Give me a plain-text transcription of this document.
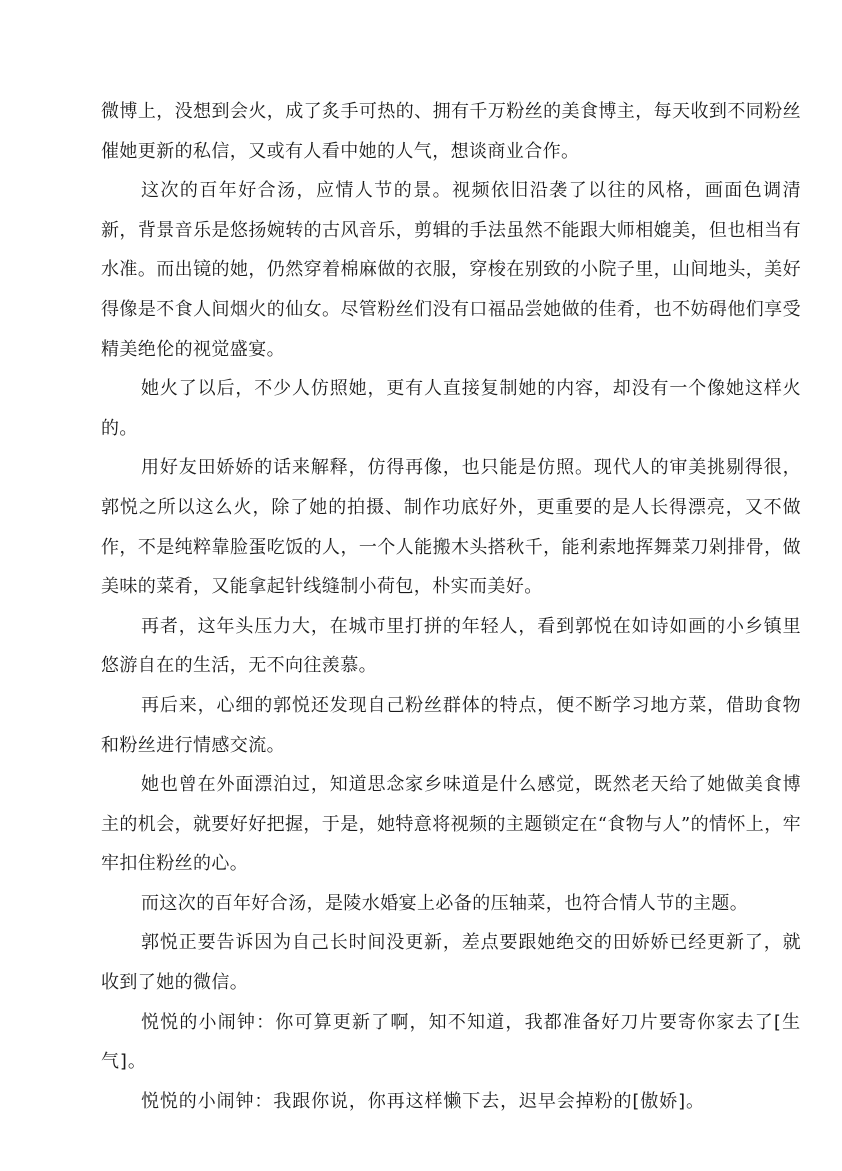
微博上，没想到会火，成了炙手可热的、拥有千万粉丝的美食博主，每天收到不同粉丝催她更新的私信，又或有人看中她的人气，想谈商业合作。

这次的百年好合汤，应情人节的景。视频依旧沿袭了以往的风格，画面色调清新，背景音乐是悠扬婉转的古风音乐，剪辑的手法虽然不能跟大师相媲美，但也相当有水准。而出镜的她，仍然穿着棉麻做的衣服，穿梭在别致的小院子里，山间地头，美好得像是不食人间烟火的仙女。尽管粉丝们没有口福品尝她做的佳肴，也不妨碍他们享受精美绝伦的视觉盛宴。

她火了以后，不少人仿照她，更有人直接复制她的内容，却没有一个像她这样火的。

用好友田娇娇的话来解释，仿得再像，也只能是仿照。现代人的审美挑剔得很，郭悦之所以这么火，除了她的拍摄、制作功底好外，更重要的是人长得漂亮，又不做作，不是纯粹靠脸蛋吃饭的人，一个人能搬木头搭秋千，能利索地挥舞菜刀剁排骨，做美味的菜肴，又能拿起针线缝制小荷包，朴实而美好。

再者，这年头压力大，在城市里打拼的年轻人，看到郭悦在如诗如画的小乡镇里悠游自在的生活，无不向往羡慕。

再后来，心细的郭悦还发现自己粉丝群体的特点，便不断学习地方菜，借助食物和粉丝进行情感交流。

她也曾在外面漂泊过，知道思念家乡味道是什么感觉，既然老天给了她做美食博主的机会，就要好好把握，于是，她特意将视频的主题锁定在“食物与人”的情怀上，牢牢扣住粉丝的心。

而这次的百年好合汤，是陵水婚宴上必备的压轴菜，也符合情人节的主题。

郭悦正要告诉因为自己长时间没更新，差点要跟她绝交的田娇娇已经更新了，就收到了她的微信。

悦悦的小闹钟：你可算更新了啊，知不知道，我都准备好刀片要寄你家去了[生气]。

悦悦的小闹钟：我跟你说，你再这样懒下去，迟早会掉粉的[傲娇]。
